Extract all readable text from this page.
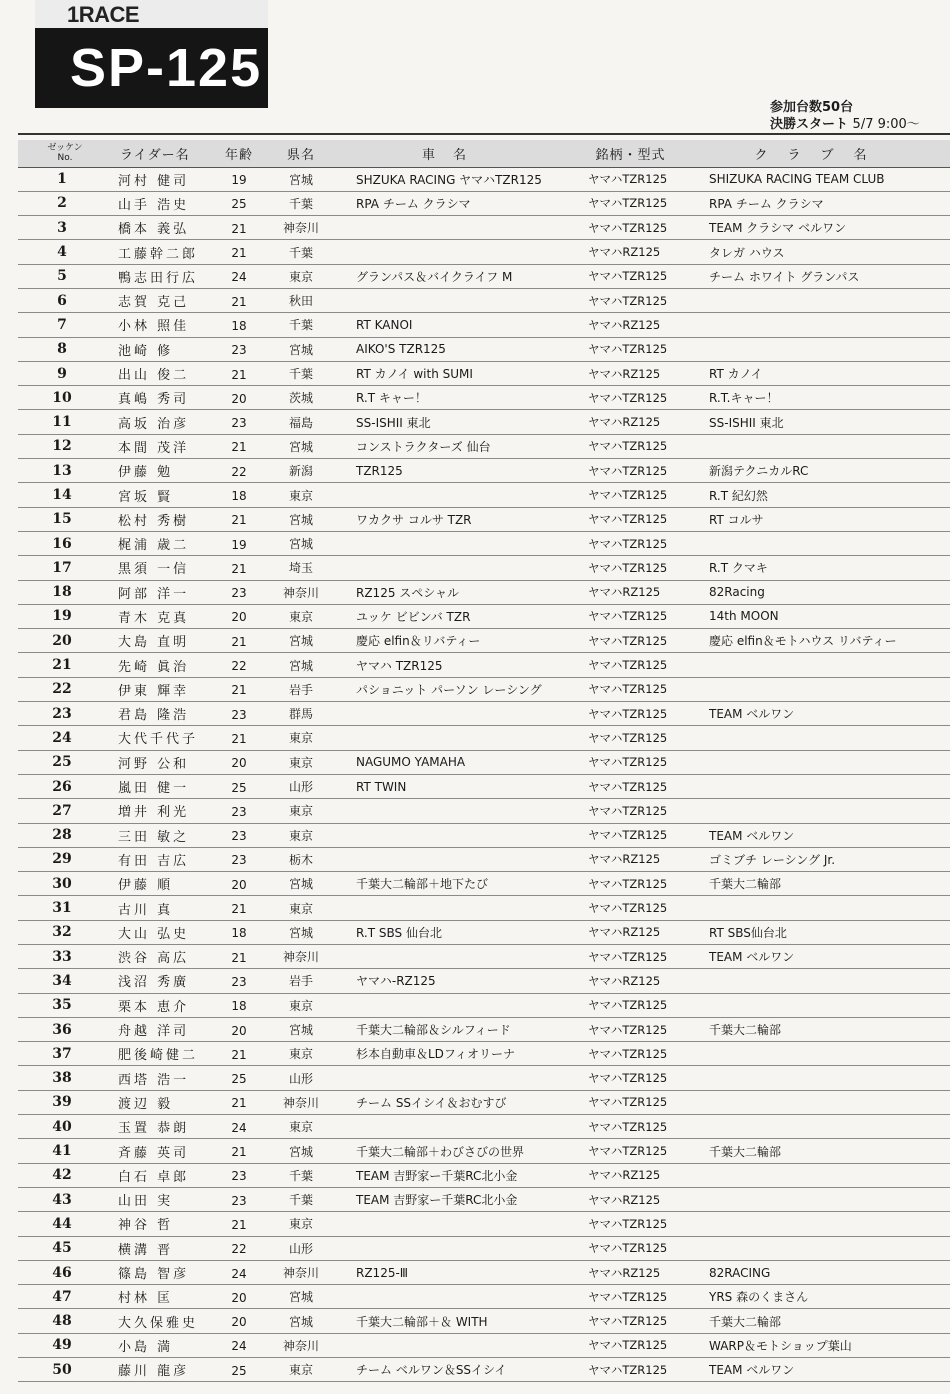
1RACE
SP-125
参加台数50台
決勝スタート 5/7 9:00〜
ゼッケン
No.	ライダー名	年齢	県名	車名	銘柄・型式	クラブ名
1	河村 健司	19	宮城	SHZUKA RACING ヤマハTZR125	ヤマハTZR125	SHIZUKA RACING TEAM CLUB
2	山手 浩史	25	千葉	RPA チーム クラシマ	ヤマハTZR125	RPA チーム クラシマ
3	橋本 義弘	21	神奈川		ヤマハTZR125	TEAM クラシマ ベルワン
4	工藤幹二郎	21	千葉		ヤマハRZ125	タレガ ハウス
5	鴨志田行広	24	東京	グランパス＆バイクライフ M	ヤマハTZR125	チーム ホワイト グランパス
6	志賀 克己	21	秋田		ヤマハTZR125	
7	小林 照佳	18	千葉	RT KANOI	ヤマハRZ125	
8	池崎 修	23	宮城	AIKO'S TZR125	ヤマハTZR125	
9	出山 俊二	21	千葉	RT カノイ with SUMI	ヤマハRZ125	RT カノイ
10	真嶋 秀司	20	茨城	R.T キャー！	ヤマハTZR125	R.T.キャー！
11	高坂 治彦	23	福島	SS-ISHII 東北	ヤマハRZ125	SS-ISHII 東北
12	本間 茂洋	21	宮城	コンストラクターズ 仙台	ヤマハTZR125	
13	伊藤 勉	22	新潟	TZR125	ヤマハTZR125	新潟テクニカルRC
14	宮坂 賢	18	東京		ヤマハTZR125	R.T 紀幻然
15	松村 秀樹	21	宮城	ワカクサ コルサ TZR	ヤマハTZR125	RT コルサ
16	梶浦 歳二	19	宮城		ヤマハTZR125	
17	黒須 一信	21	埼玉		ヤマハTZR125	R.T クマキ
18	阿部 洋一	23	神奈川	RZ125 スペシャル	ヤマハRZ125	82Racing
19	青木 克真	20	東京	ユッケ ビビンバ TZR	ヤマハTZR125	14th MOON
20	大島 直明	21	宮城	慶応 elfin＆リバティー	ヤマハTZR125	慶応 elfin＆モトハウス リバティー
21	先崎 眞治	22	宮城	ヤマハ TZR125	ヤマハTZR125	
22	伊東 輝幸	21	岩手	パショニット パーソン レーシング	ヤマハTZR125	
23	君島 隆浩	23	群馬		ヤマハTZR125	TEAM ベルワン
24	大代千代子	21	東京		ヤマハTZR125	
25	河野 公和	20	東京	NAGUMO YAMAHA	ヤマハTZR125	
26	嵐田 健一	25	山形	RT TWIN	ヤマハTZR125	
27	増井 利光	23	東京		ヤマハTZR125	
28	三田 敏之	23	東京		ヤマハTZR125	TEAM ベルワン
29	有田 吉広	23	栃木		ヤマハRZ125	ゴミブチ レーシング Jr.
30	伊藤 順	20	宮城	千葉大二輪部＋地下たび	ヤマハTZR125	千葉大二輪部
31	古川 真	21	東京		ヤマハTZR125	
32	大山 弘史	18	宮城	R.T SBS 仙台北	ヤマハRZ125	RT SBS仙台北
33	渋谷 高広	21	神奈川		ヤマハTZR125	TEAM ベルワン
34	浅沼 秀廣	23	岩手	ヤマハ-RZ125	ヤマハRZ125	
35	栗本 恵介	18	東京		ヤマハTZR125	
36	舟越 洋司	20	宮城	千葉大二輪部＆シルフィード	ヤマハTZR125	千葉大二輪部
37	肥後崎健二	21	東京	杉本自動車＆LDフィオリーナ	ヤマハTZR125	
38	西塔 浩一	25	山形		ヤマハTZR125	
39	渡辺 毅	21	神奈川	チーム SSイシイ＆おむすび	ヤマハTZR125	
40	玉置 恭朗	24	東京		ヤマハTZR125	
41	斉藤 英司	21	宮城	千葉大二輪部＋わびさびの世界	ヤマハTZR125	千葉大二輪部
42	白石 卓郎	23	千葉	TEAM 吉野家ー千葉RC北小金	ヤマハRZ125	
43	山田 実	23	千葉	TEAM 吉野家ー千葉RC北小金	ヤマハRZ125	
44	神谷 哲	21	東京		ヤマハTZR125	
45	横溝 晋	22	山形		ヤマハTZR125	
46	篠島 智彦	24	神奈川	RZ125-Ⅲ	ヤマハRZ125	82RACING
47	村林 匡	20	宮城		ヤマハTZR125	YRS 森のくまさん
48	大久保雅史	20	宮城	千葉大二輪部＋＆ WITH	ヤマハTZR125	千葉大二輪部
49	小島 満	24	神奈川		ヤマハTZR125	WARP＆モトショップ葉山
50	藤川 龍彦	25	東京	チーム ベルワン＆SSイシイ	ヤマハTZR125	TEAM ベルワン
